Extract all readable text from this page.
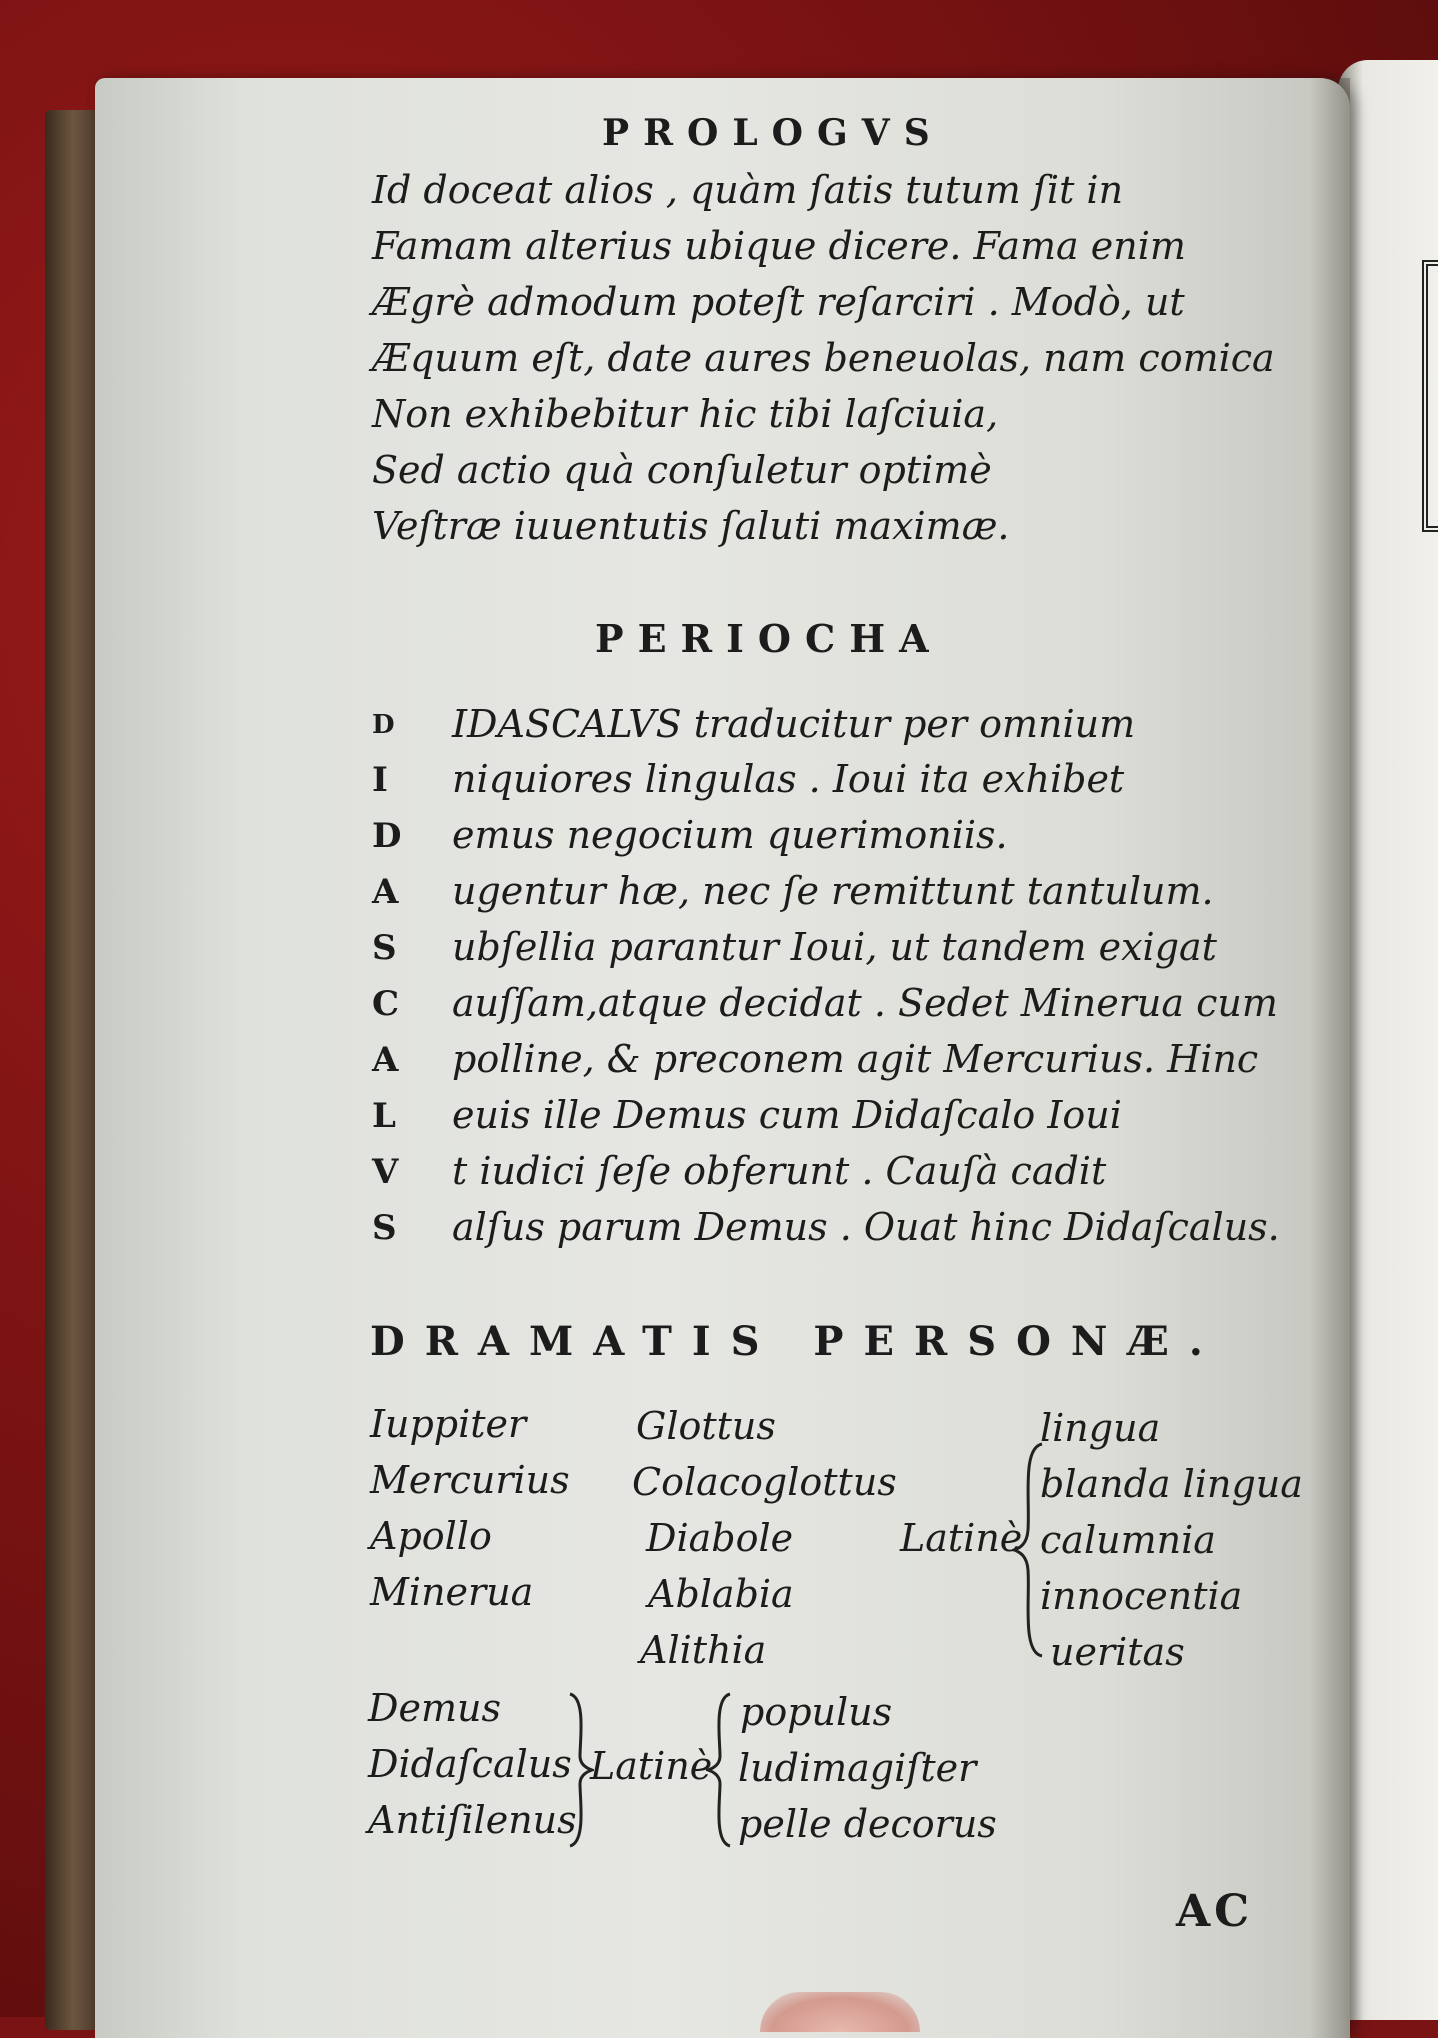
PROLOGVS
Id doceat alios , quàm ſatis tutum ſit in
Famam alterius ubique dicere. Fama enim
Ægrè admodum poteſt reſarciri . Modò, ut
Æquum eſt, date aures beneuolas, nam comica
Non exhibebitur hic tibi laſciuia,
Sed actio quà conſuletur optimè
Veſtræ iuuentutis ſaluti maximæ.
PERIOCHA
D IDASCALVS traducitur per omnium
I niquiores lingulas . Ioui ita exhibet
D emus negocium querimoniis.
A ugentur hæ, nec ſe remittunt tantulum.
S ubſellia parantur Ioui, ut tandem exigat
C auſſam,atque decidat . Sedet Minerua cum
A polline, & preconem agit Mercurius. Hinc
L euis ille Demus cum Didaſcalo Ioui
V t iudici ſeſe obferunt . Cauſà cadit
S alſus parum Demus . Ouat hinc Didaſcalus.
DRAMATIS PERSONÆ.
Iuppiter
Mercurius
Apollo
Minerua
Glottus
Colacoglottus
Diabole
Ablabia
Alithia
Latinè
lingua
blanda lingua
calumnia
innocentia
ueritas
Demus
Didaſcalus
Antiſilenus
Latinè
populus
ludimagiſter
pelle decorus
AC
